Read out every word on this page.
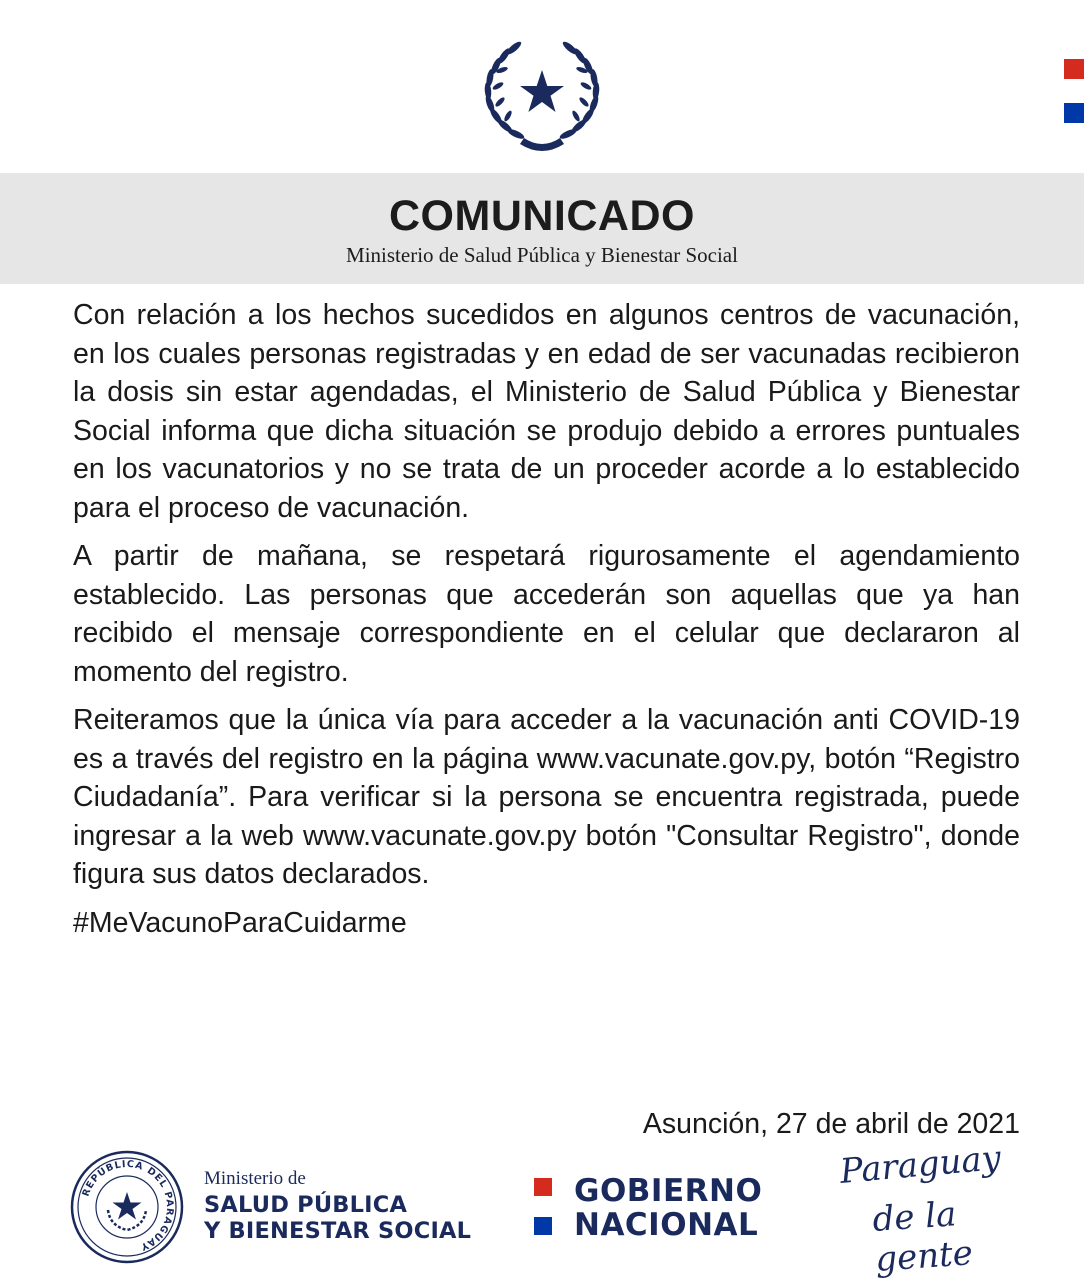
COMUNICADO
Ministerio de Salud Pública y Bienestar Social

Con relación a los hechos sucedidos en algunos centros de vacunación, en los cuales personas registradas y en edad de ser vacunadas recibieron la dosis sin estar agendadas, el Ministerio de Salud Pública y Bienestar Social informa que dicha situación se produjo debido a errores puntuales en los vacunatorios y no se trata de un proceder acorde a lo establecido para el proceso de vacunación.

A partir de mañana, se respetará rigurosamente el agendamiento establecido. Las personas que accederán son aquellas que ya han recibido el mensaje correspondiente en el celular que declararon al momento del registro.

Reiteramos que la única vía para acceder a la vacunación anti COVID-19 es a través del registro en la página www.vacunate.gov.py, botón “Registro Ciudadanía”. Para verificar si la persona se encuentra registrada, puede ingresar a la web www.vacunate.gov.py botón "Consultar Registro", donde figura sus datos declarados.

#MeVacunoParaCuidarme

Asunción, 27 de abril de 2021
REPÚBLICA DEL PARAGUAY
Ministerio de
SALUD PÚBLICA
Y BIENESTAR SOCIAL
GOBIERNO
NACIONAL
Paraguay
de la gente
